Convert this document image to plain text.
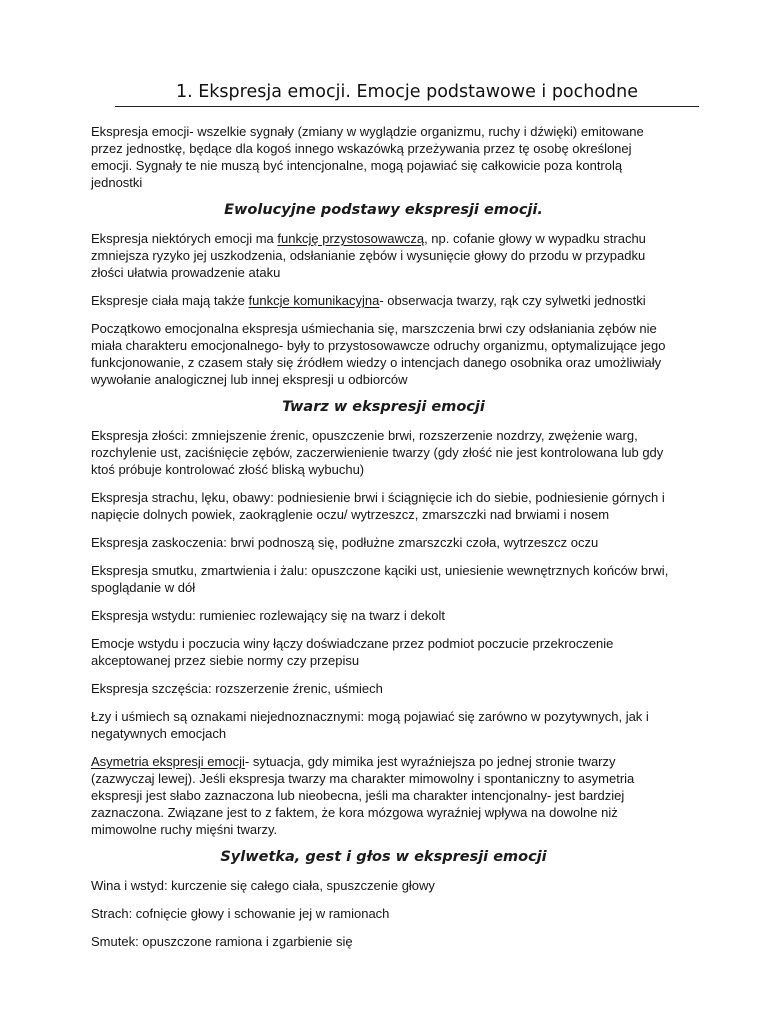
1. Ekspresja emocji. Emocje podstawowe i pochodne

Ekspresja emocji- wszelkie sygnały (zmiany w wyglądzie organizmu, ruchy i dźwięki) emitowane przez jednostkę, będące dla kogoś innego wskazówką przeżywania przez tę osobę określonej emocji. Sygnały te nie muszą być intencjonalne, mogą pojawiać się całkowicie poza kontrolą jednostki

Ewolucyjne podstawy ekspresji emocji.

Ekspresja niektórych emocji ma funkcję przystosowawczą, np. cofanie głowy w wypadku strachu zmniejsza ryzyko jej uszkodzenia, odsłanianie zębów i wysunięcie głowy do przodu w przypadku złości ułatwia prowadzenie ataku

Ekspresje ciała mają także funkcje komunikacyjna- obserwacja twarzy, rąk czy sylwetki jednostki

Początkowo emocjonalna ekspresja uśmiechania się, marszczenia brwi czy odsłaniania zębów nie miała charakteru emocjonalnego- były to przystosowawcze odruchy organizmu, optymalizujące jego funkcjonowanie, z czasem stały się źródłem wiedzy o intencjach danego osobnika oraz umożliwiały wywołanie analogicznej lub innej ekspresji u odbiorców

Twarz w ekspresji emocji

Ekspresja złości: zmniejszenie źrenic, opuszczenie brwi, rozszerzenie nozdrzy, zwężenie warg, rozchylenie ust, zaciśnięcie zębów, zaczerwienienie twarzy (gdy złość nie jest kontrolowana lub gdy ktoś próbuje kontrolować złość bliską wybuchu)

Ekspresja strachu, lęku, obawy: podniesienie brwi i ściągnięcie ich do siebie, podniesienie górnych i napięcie dolnych powiek, zaokrąglenie oczu/ wytrzeszcz, zmarszczki nad brwiami i nosem

Ekspresja zaskoczenia: brwi podnoszą się, podłużne zmarszczki czoła, wytrzeszcz oczu

Ekspresja smutku, zmartwienia i żalu: opuszczone kąciki ust, uniesienie wewnętrznych końców brwi, spoglądanie w dół

Ekspresja wstydu: rumieniec rozlewający się na twarz i dekolt

Emocje wstydu i poczucia winy łączy doświadczane przez podmiot poczucie przekroczenie akceptowanej przez siebie normy czy przepisu

Ekspresja szczęścia: rozszerzenie źrenic, uśmiech

Łzy i uśmiech są oznakami niejednoznacznymi: mogą pojawiać się zarówno w pozytywnych, jak i negatywnych emocjach

Asymetria ekspresji emocji- sytuacja, gdy mimika jest wyraźniejsza po jednej stronie twarzy (zazwyczaj lewej). Jeśli ekspresja twarzy ma charakter mimowolny i spontaniczny to asymetria ekspresji jest słabo zaznaczona lub nieobecna, jeśli ma charakter intencjonalny- jest bardziej zaznaczona. Związane jest to z faktem, że kora mózgowa wyraźniej wpływa na dowolne niż mimowolne ruchy mięśni twarzy.

Sylwetka, gest i głos w ekspresji emocji

Wina i wstyd: kurczenie się całego ciała, spuszczenie głowy

Strach: cofnięcie głowy i schowanie jej w ramionach

Smutek: opuszczone ramiona i zgarbienie się
